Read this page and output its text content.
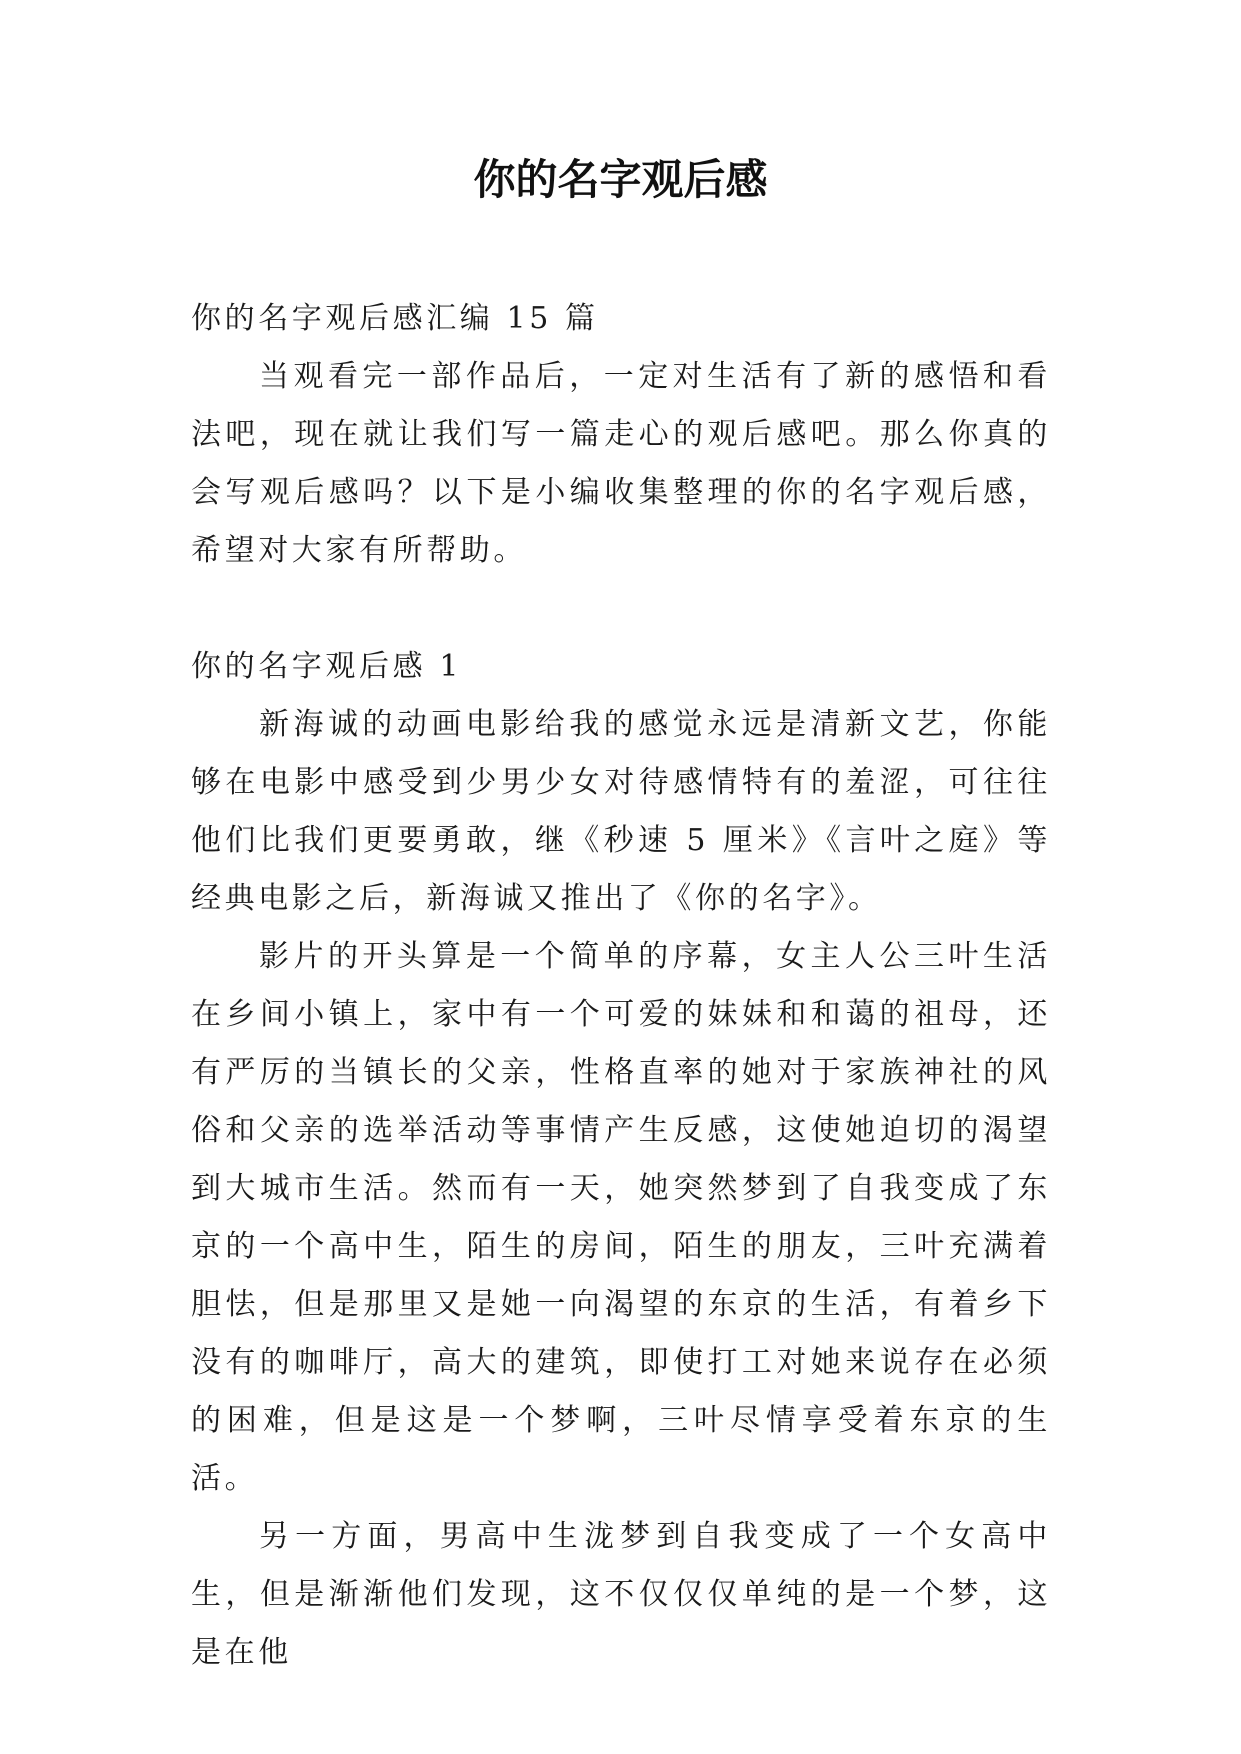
你的名字观后感

你的名字观后感汇编 15 篇

当观看完一部作品后，一定对生活有了新的感悟和看法吧，现在就让我们写一篇走心的观后感吧。那么你真的会写观后感吗？以下是小编收集整理的你的名字观后感，希望对大家有所帮助。

你的名字观后感 1

新海诚的动画电影给我的感觉永远是清新文艺，你能够在电影中感受到少男少女对待感情特有的羞涩，可往往他们比我们更要勇敢，继《秒速 5 厘米》《言叶之庭》等经典电影之后，新海诚又推出了《你的名字》。

影片的开头算是一个简单的序幕，女主人公三叶生活在乡间小镇上，家中有一个可爱的妹妹和和蔼的祖母，还有严厉的当镇长的父亲，性格直率的她对于家族神社的风俗和父亲的选举活动等事情产生反感，这使她迫切的渴望到大城市生活。然而有一天，她突然梦到了自我变成了东京的一个高中生，陌生的房间，陌生的朋友，三叶充满着胆怯，但是那里又是她一向渴望的东京的生活，有着乡下没有的咖啡厅，高大的建筑，即使打工对她来说存在必须的困难，但是这是一个梦啊，三叶尽情享受着东京的生活。

另一方面，男高中生泷梦到自我变成了一个女高中生，但是渐渐他们发现，这不仅仅仅单纯的是一个梦，这是在他
